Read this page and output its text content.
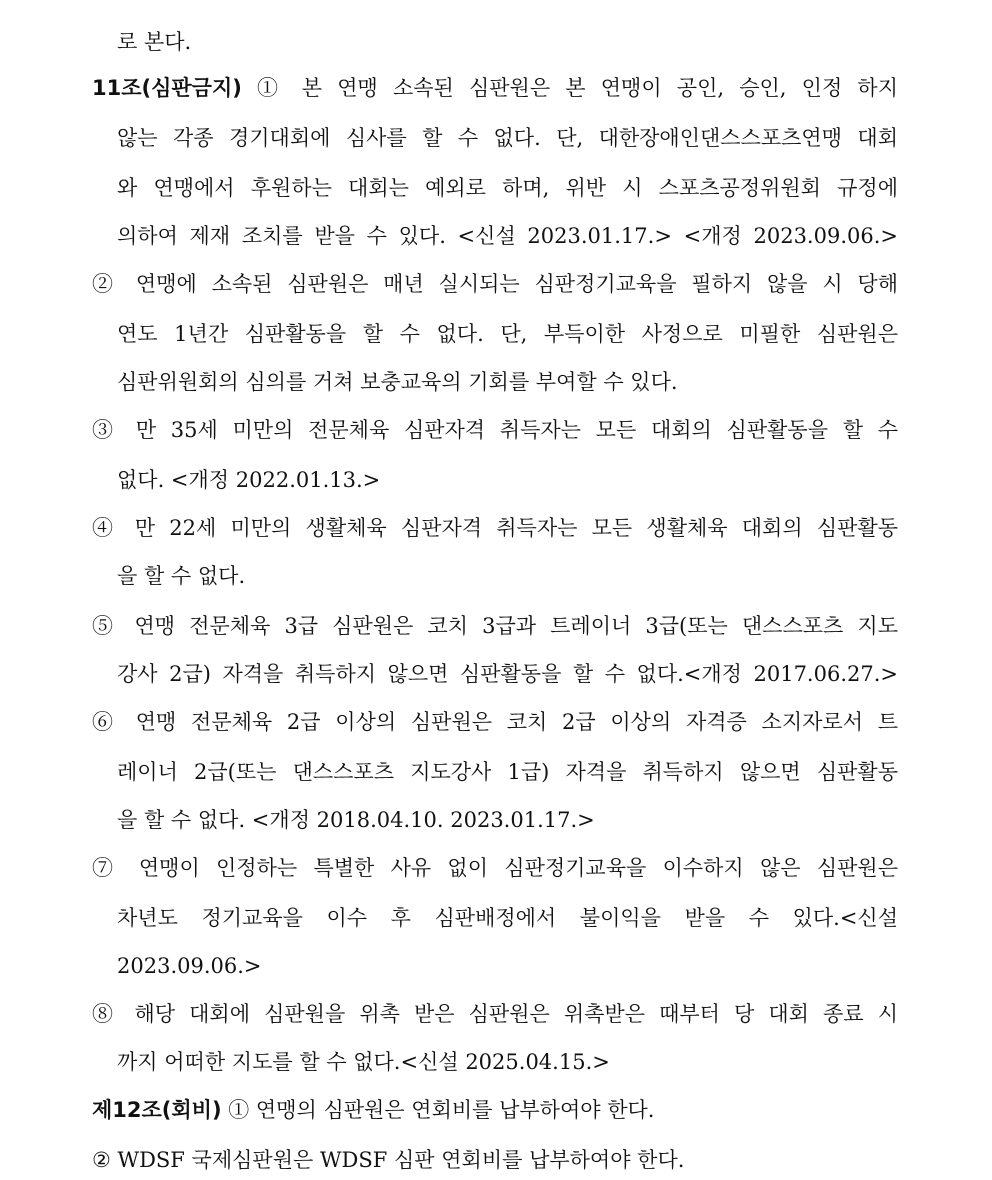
로 본다.
11조(심판금지) ① 본 연맹 소속된 심판원은 본 연맹이 공인, 승인, 인정 하지
않는 각종 경기대회에 심사를 할 수 없다. 단, 대한장애인댄스스포츠연맹 대회
와 연맹에서 후원하는 대회는 예외로 하며, 위반 시 스포츠공정위원회 규정에
의하여 제재 조치를 받을 수 있다. <신설 2023.01.17.> <개정 2023.09.06.>
② 연맹에 소속된 심판원은 매년 실시되는 심판정기교육을 필하지 않을 시 당해
연도 1년간 심판활동을 할 수 없다. 단, 부득이한 사정으로 미필한 심판원은
심판위원회의 심의를 거쳐 보충교육의 기회를 부여할 수 있다.
③ 만 35세 미만의 전문체육 심판자격 취득자는 모든 대회의 심판활동을 할 수
없다. <개정 2022.01.13.>
④ 만 22세 미만의 생활체육 심판자격 취득자는 모든 생활체육 대회의 심판활동
을 할 수 없다.
⑤ 연맹 전문체육 3급 심판원은 코치 3급과 트레이너 3급(또는 댄스스포츠 지도
강사 2급) 자격을 취득하지 않으면 심판활동을 할 수 없다.<개정 2017.06.27.>
⑥ 연맹 전문체육 2급 이상의 심판원은 코치 2급 이상의 자격증 소지자로서 트
레이너 2급(또는 댄스스포츠 지도강사 1급) 자격을 취득하지 않으면 심판활동
을 할 수 없다. <개정 2018.04.10. 2023.01.17.>
⑦ 연맹이 인정하는 특별한 사유 없이 심판정기교육을 이수하지 않은 심판원은
차년도 정기교육을 이수 후 심판배정에서 불이익을 받을 수 있다.<신설
2023.09.06.>
⑧ 해당 대회에 심판원을 위촉 받은 심판원은 위촉받은 때부터 당 대회 종료 시
까지 어떠한 지도를 할 수 없다.<신설 2025.04.15.>
제12조(회비) ① 연맹의 심판원은 연회비를 납부하여야 한다.
② WDSF 국제심판원은 WDSF 심판 연회비를 납부하여야 한다.
